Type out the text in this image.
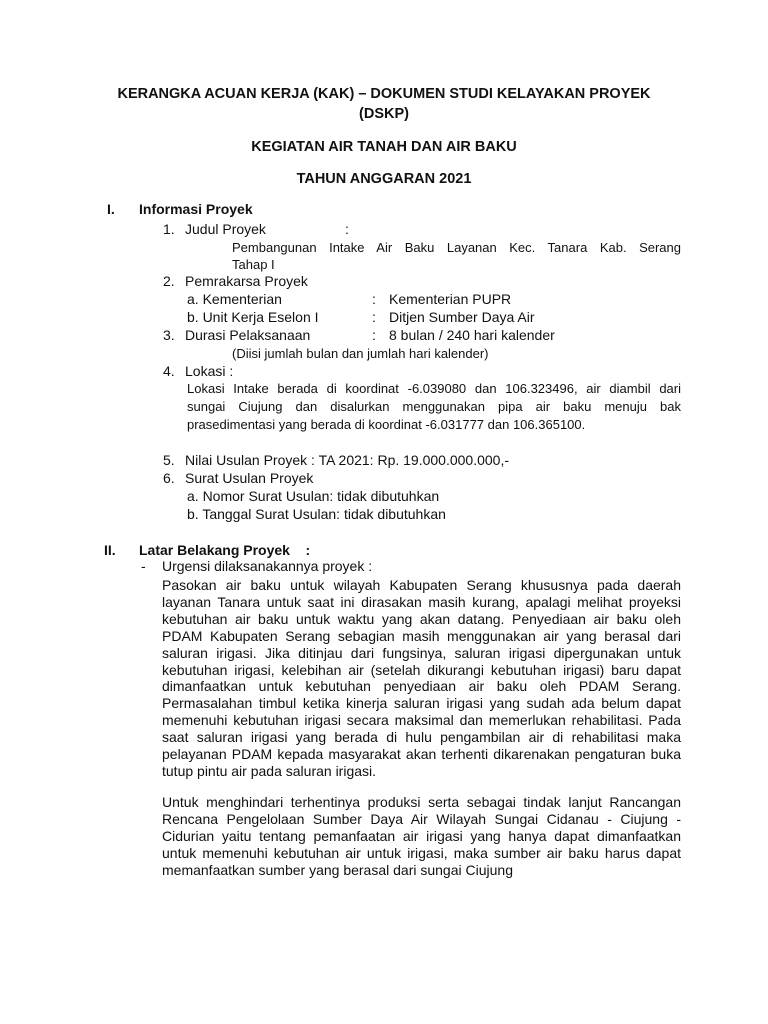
KERANGKA ACUAN KERJA (KAK) – DOKUMEN STUDI KELAYAKAN PROYEK
(DSKP)
KEGIATAN AIR TANAH DAN AIR BAKU
TAHUN ANGGARAN 2021
I. Informasi Proyek
1. Judul Proyek	:
Pembangunan Intake Air Baku Layanan Kec. Tanara Kab. Serang
Tahap I
2. Pemrakarsa Proyek
a. Kementerian	: Kementerian PUPR
b. Unit Kerja Eselon I	: Ditjen Sumber Daya Air
3. Durasi Pelaksanaan	: 8 bulan / 240 hari kalender
(Diisi jumlah bulan dan jumlah hari kalender)
4. Lokasi :
Lokasi Intake berada di koordinat -6.039080 dan 106.323496, air diambil dari
sungai Ciujung dan disalurkan menggunakan pipa air baku menuju bak
prasedimentasi yang berada di koordinat -6.031777 dan 106.365100.
5. Nilai Usulan Proyek : TA 2021: Rp. 19.000.000.000,-
6. Surat Usulan Proyek
a. Nomor Surat Usulan: tidak dibutuhkan
b. Tanggal Surat Usulan: tidak dibutuhkan
II. Latar Belakang Proyek    :
- Urgensi dilaksanakannya proyek :
Pasokan air baku untuk wilayah Kabupaten Serang khususnya pada daerah layanan Tanara untuk saat ini dirasakan masih kurang, apalagi melihat proyeksi kebutuhan air baku untuk waktu yang akan datang. Penyediaan air baku oleh PDAM Kabupaten Serang sebagian masih menggunakan air yang berasal dari saluran irigasi. Jika ditinjau dari fungsinya, saluran irigasi dipergunakan untuk kebutuhan irigasi, kelebihan air (setelah dikurangi kebutuhan irigasi) baru dapat dimanfaatkan untuk kebutuhan penyediaan air baku oleh PDAM Serang. Permasalahan timbul ketika kinerja saluran irigasi yang sudah ada belum dapat memenuhi kebutuhan irigasi secara maksimal dan memerlukan rehabilitasi. Pada saat saluran irigasi yang berada di hulu pengambilan air di rehabilitasi maka pelayanan PDAM kepada masyarakat akan terhenti dikarenakan pengaturan buka tutup pintu air pada saluran irigasi.
Untuk menghindari terhentinya produksi serta sebagai tindak lanjut Rancangan Rencana Pengelolaan Sumber Daya Air Wilayah Sungai Cidanau - Ciujung - Cidurian yaitu tentang pemanfaatan air irigasi yang hanya dapat dimanfaatkan untuk memenuhi kebutuhan air untuk irigasi, maka sumber air baku harus dapat memanfaatkan sumber yang berasal dari sungai Ciujung
